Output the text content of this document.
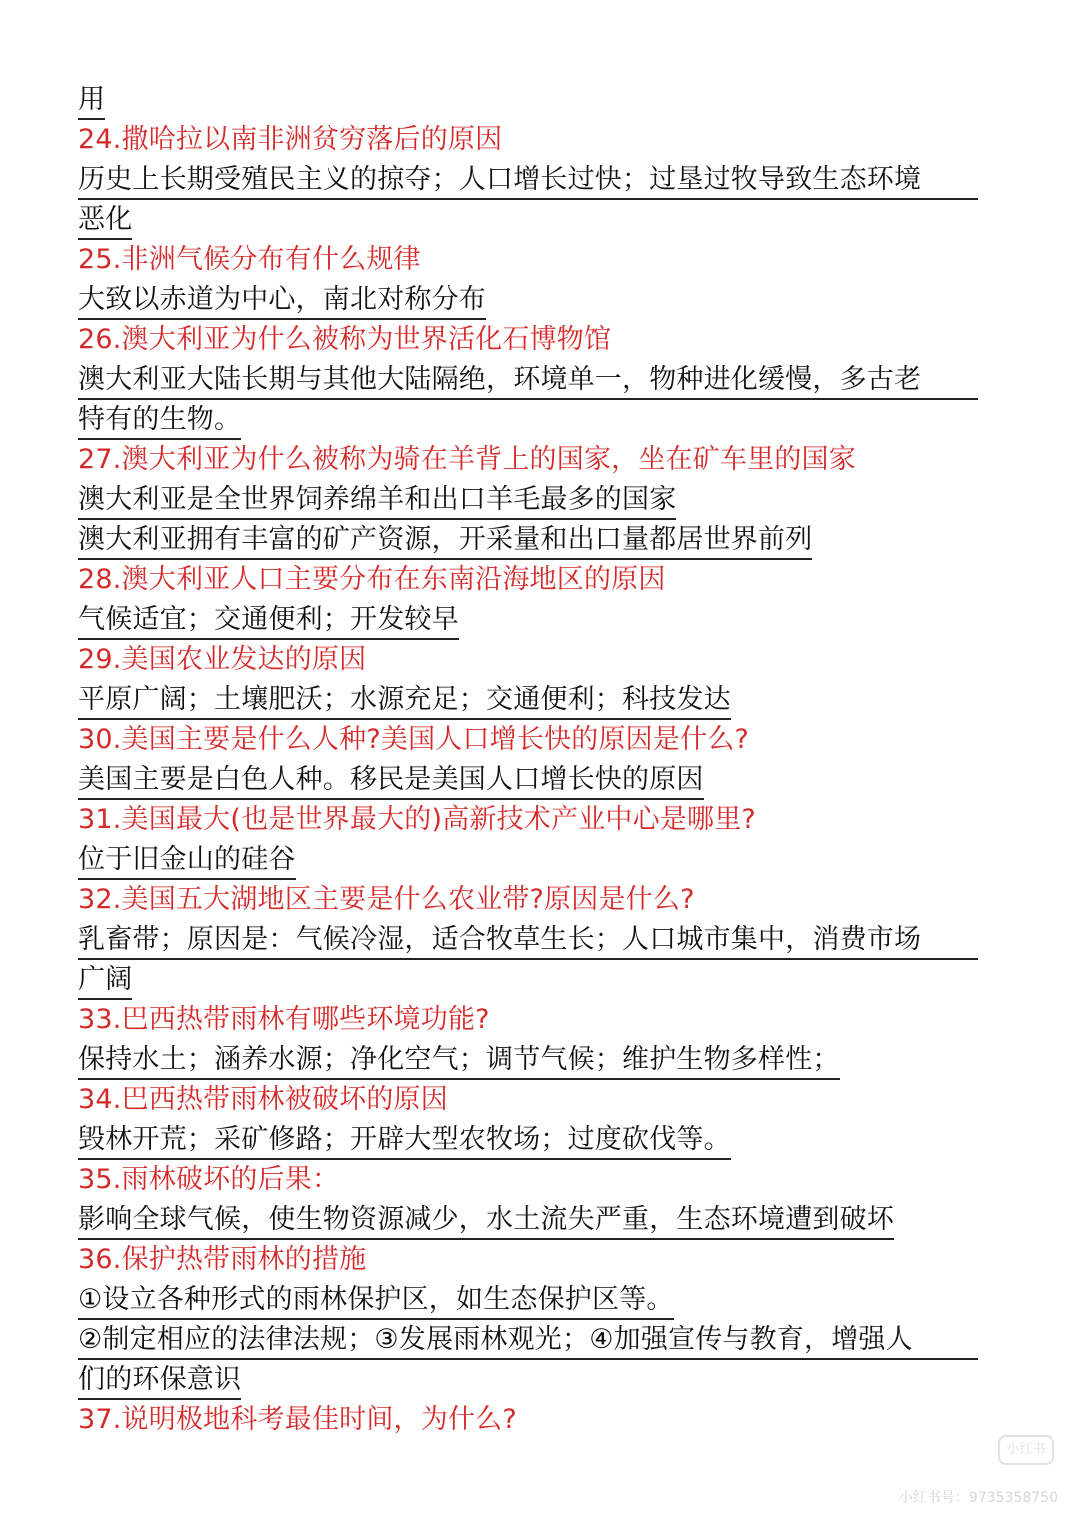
用
24.撒哈拉以南非洲贫穷落后的原因
历史上长期受殖民主义的掠夺；人口增长过快；过垦过牧导致生态环境
恶化
25.非洲气候分布有什么规律
大致以赤道为中心，南北对称分布
26.澳大利亚为什么被称为世界活化石博物馆
澳大利亚大陆长期与其他大陆隔绝，环境单一，物种进化缓慢，多古老
特有的生物。
27.澳大利亚为什么被称为骑在羊背上的国家，坐在矿车里的国家
澳大利亚是全世界饲养绵羊和出口羊毛最多的国家
澳大利亚拥有丰富的矿产资源，开采量和出口量都居世界前列
28.澳大利亚人口主要分布在东南沿海地区的原因
气候适宜；交通便利；开发较早
29.美国农业发达的原因
平原广阔；土壤肥沃；水源充足；交通便利；科技发达
30.美国主要是什么人种?美国人口增长快的原因是什么?
美国主要是白色人种。移民是美国人口增长快的原因
31.美国最大(也是世界最大的)高新技术产业中心是哪里?
位于旧金山的硅谷
32.美国五大湖地区主要是什么农业带?原因是什么?
乳畜带；原因是：气候冷湿，适合牧草生长；人口城市集中，消费市场
广阔
33.巴西热带雨林有哪些环境功能?
保持水土；涵养水源；净化空气；调节气候；维护生物多样性；
34.巴西热带雨林被破坏的原因
毁林开荒；采矿修路；开辟大型农牧场；过度砍伐等。
35.雨林破坏的后果：
影响全球气候，使生物资源减少，水土流失严重，生态环境遭到破坏
36.保护热带雨林的措施
①设立各种形式的雨林保护区，如生态保护区等。
②制定相应的法律法规；③发展雨林观光；④加强宣传与教育，增强人
们的环保意识
37.说明极地科考最佳时间，为什么?
小红书
小红书号：9735358750
